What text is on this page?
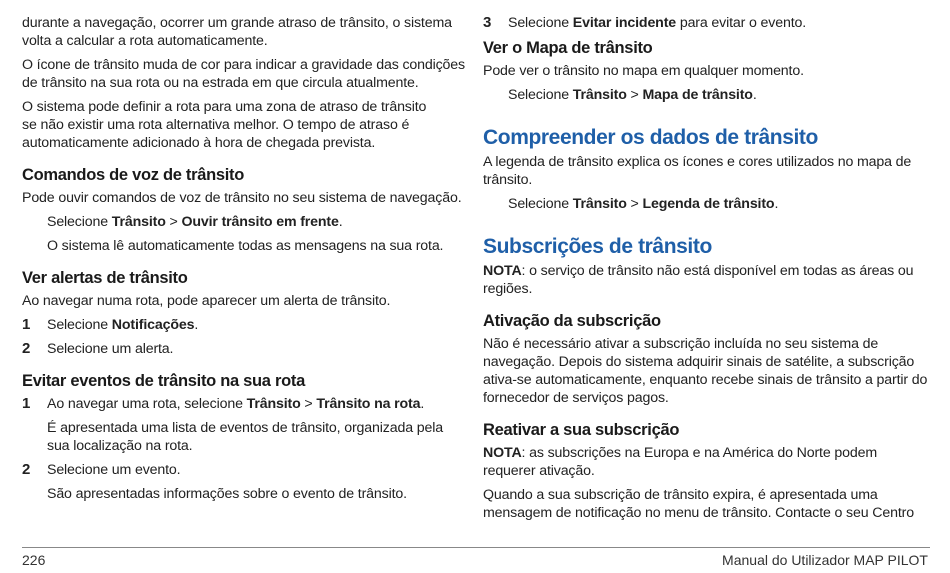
durante a navegação, ocorrer um grande atraso de trânsito, o sistema volta a calcular a rota automaticamente.

O ícone de trânsito muda de cor para indicar a gravidade das condições de trânsito na sua rota ou na estrada em que circula atualmente.

O sistema pode definir a rota para uma zona de atraso de trânsito
se não existir uma rota alternativa melhor. O tempo de atraso é automaticamente adicionado à hora de chegada prevista.

Comandos de voz de trânsito

Pode ouvir comandos de voz de trânsito no seu sistema de navegação.

Selecione Trânsito > Ouvir trânsito em frente.

O sistema lê automaticamente todas as mensagens na sua rota.

Ver alertas de trânsito

Ao navegar numa rota, pode aparecer um alerta de trânsito.

1	Selecione Notificações.
2	Selecione um alerta.
Evitar eventos de trânsito na sua rota
1	Ao navegar uma rota, selecione Trânsito > Trânsito na rota.

É apresentada uma lista de eventos de trânsito, organizada pela sua localização na rota.

2	Selecione um evento.

São apresentadas informações sobre o evento de trânsito.

3	Selecione Evitar incidente para evitar o evento.
Ver o Mapa de trânsito

Pode ver o trânsito no mapa em qualquer momento.

Selecione Trânsito > Mapa de trânsito.

Compreender os dados de trânsito

A legenda de trânsito explica os ícones e cores utilizados no mapa de trânsito.

Selecione Trânsito > Legenda de trânsito.

Subscrições de trânsito

NOTA: o serviço de trânsito não está disponível em todas as áreas ou regiões.

Ativação da subscrição

Não é necessário ativar a subscrição incluída no seu sistema de navegação. Depois do sistema adquirir sinais de satélite, a subscrição ativa-se automaticamente, enquanto recebe sinais de trânsito a partir do fornecedor de serviços pagos.

Reativar a sua subscrição

NOTA: as subscrições na Europa e na América do Norte podem requerer ativação.

Quando a sua subscrição de trânsito expira, é apresentada uma mensagem de notificação no menu de trânsito. Contacte o seu Centro

226	Manual do Utilizador MAP PILOT
